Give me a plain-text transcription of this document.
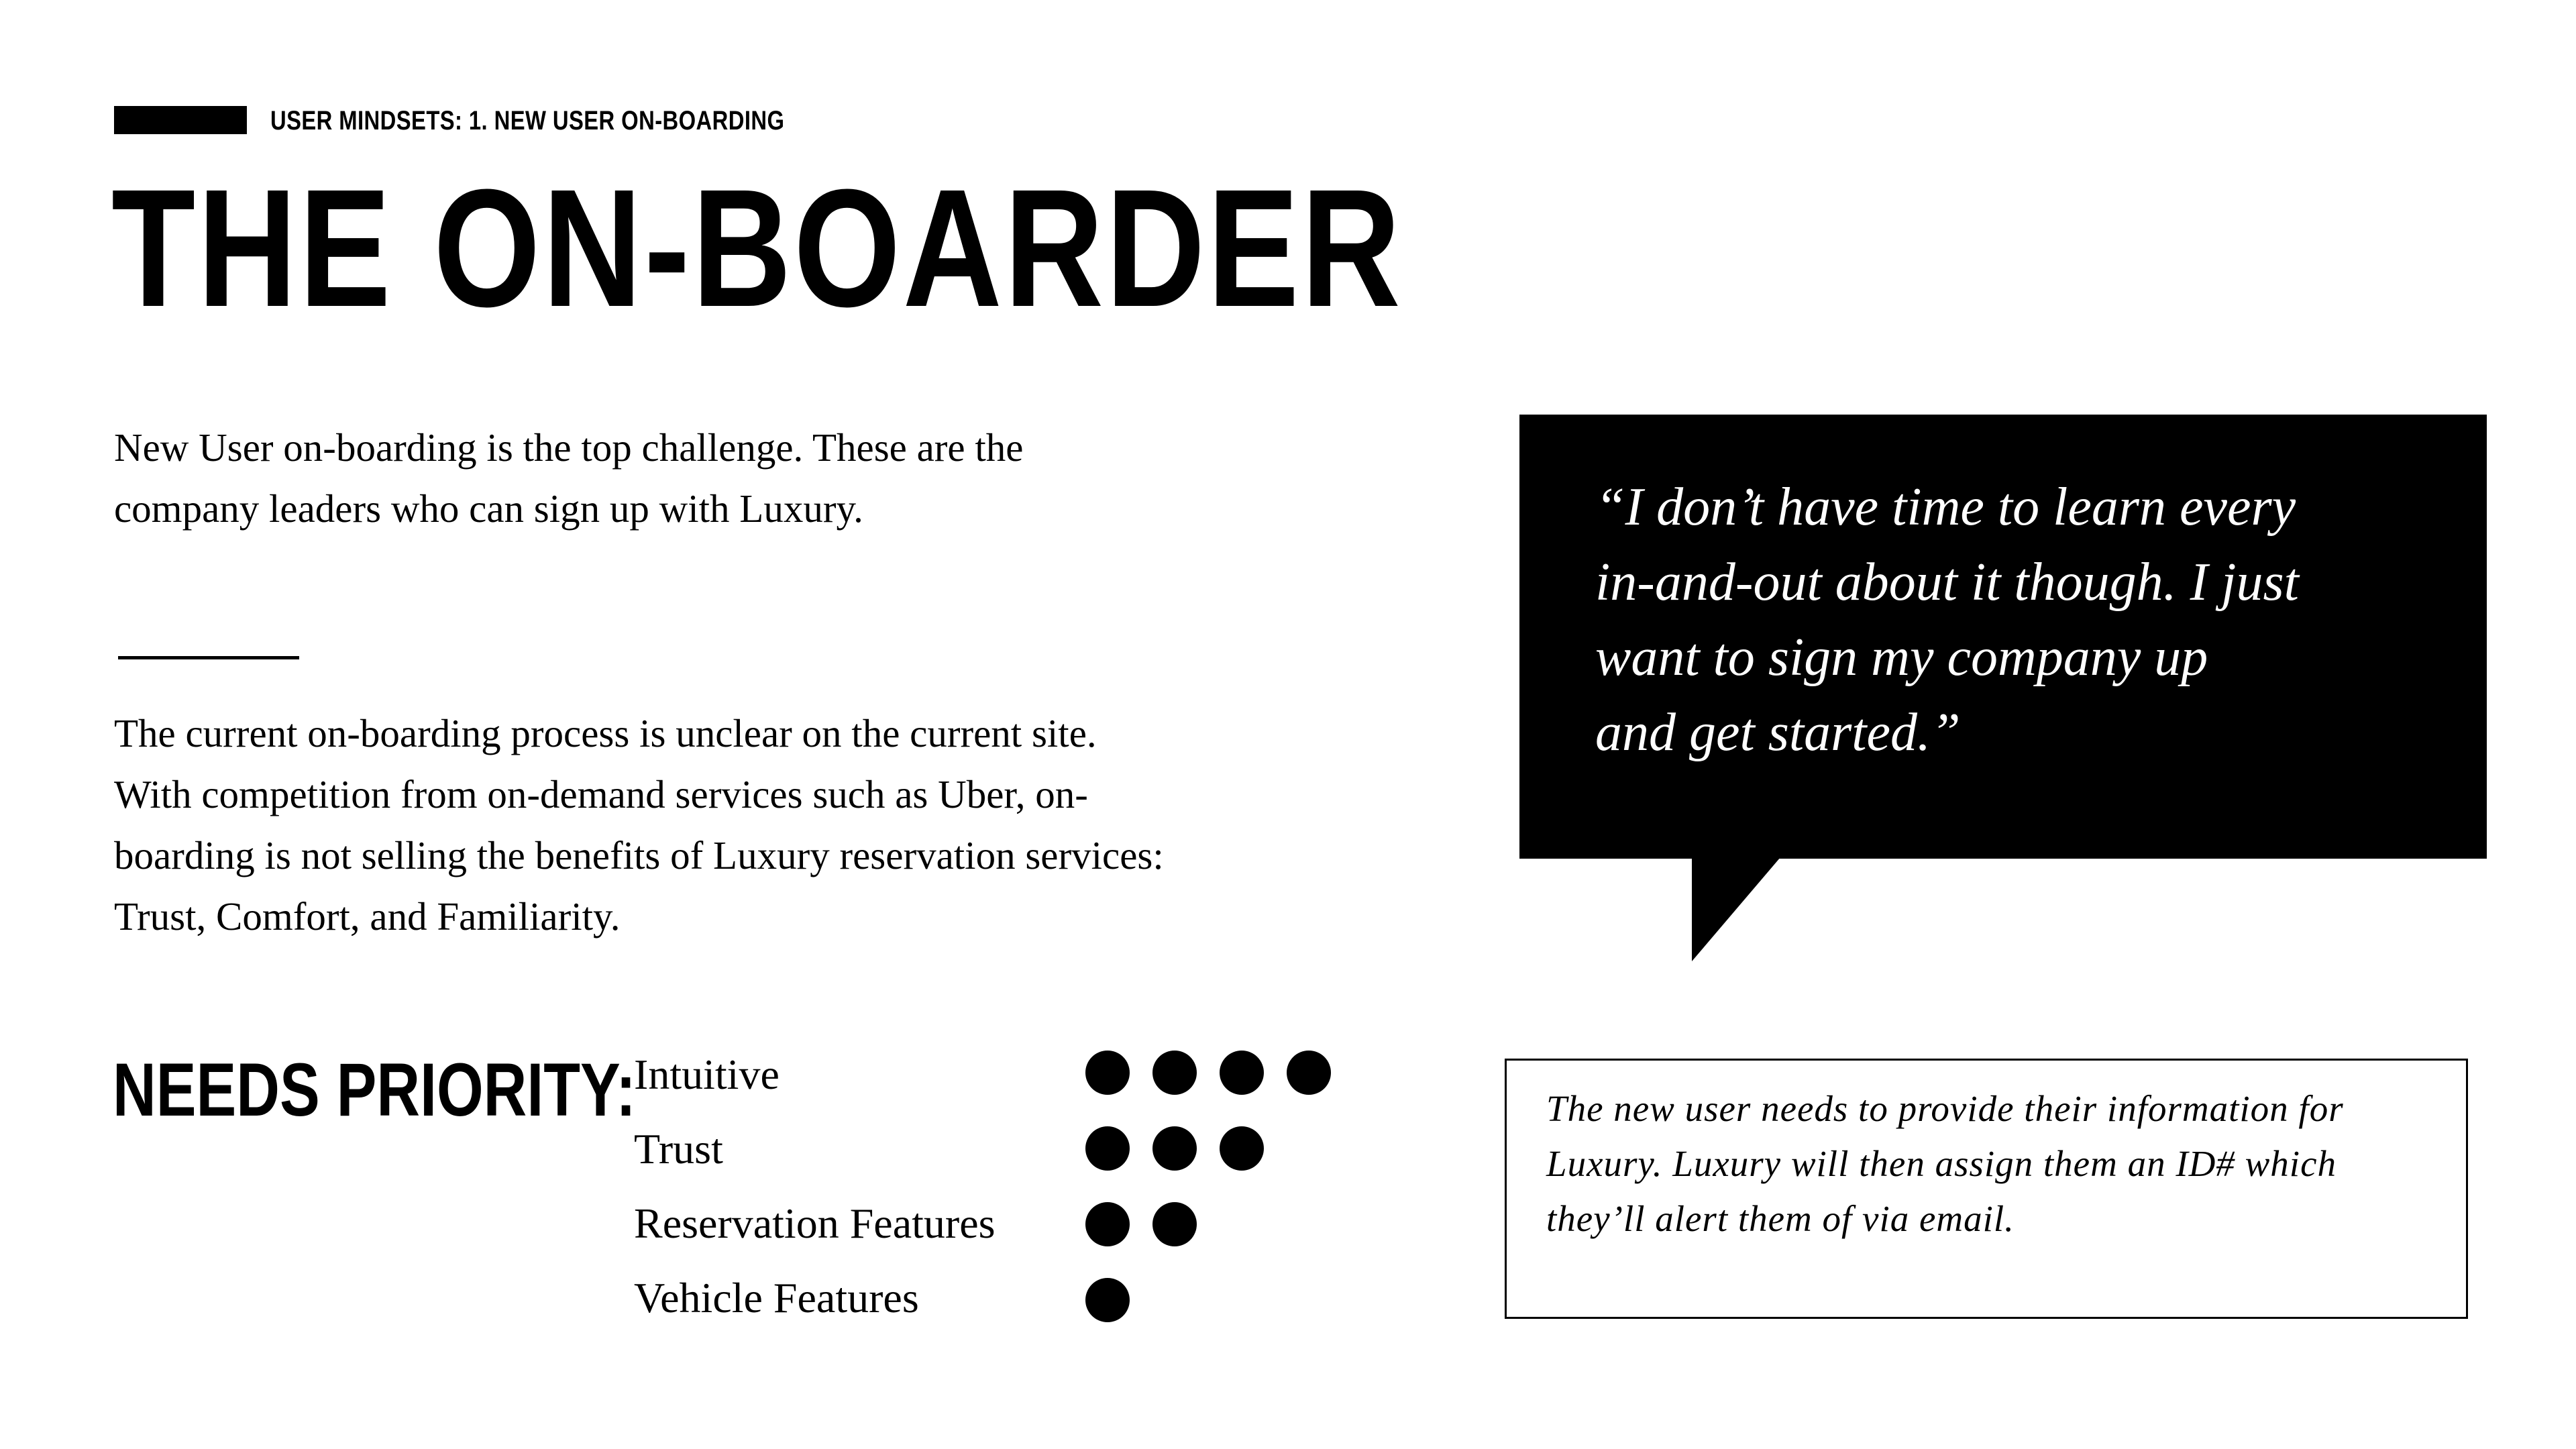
USER MINDSETS: 1. NEW USER ON-BOARDING
THE ON-BOARDER
New User on-boarding is the top challenge. These are the
company leaders who can sign up with Luxury.
The current on-boarding process is unclear on the current site.
With competition from on-demand services such as Uber, on-
boarding is not selling the benefits of Luxury reservation services:
Trust, Comfort, and Familiarity.
“I don’t have time to learn every
in-and-out about it though. I just
want to sign my company up
and get started.”
NEEDS PRIORITY:
Intuitive
Trust
Reservation Features
Vehicle Features
The new user needs to provide their information for
Luxury. Luxury will then assign them an ID# which
they’ll alert them of via email.
